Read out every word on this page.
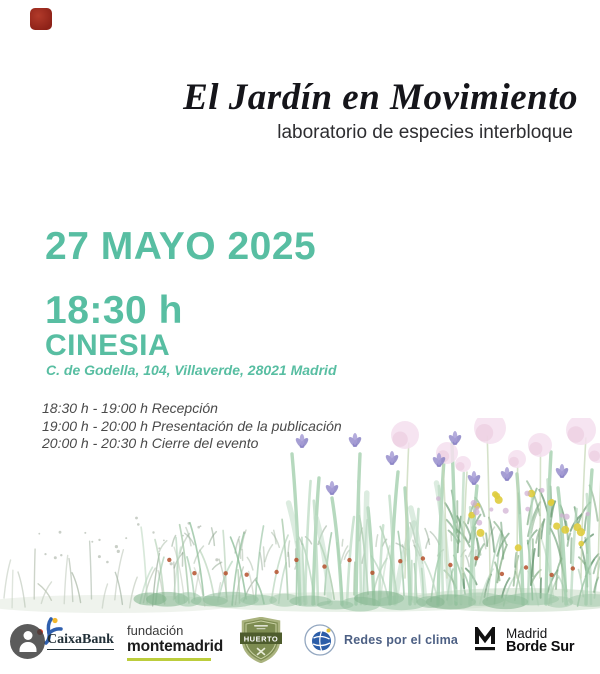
El Jardín en Movimiento
laboratorio de especies interbloque
27 MAYO 2025
18:30 h
CINESIA
C. de Godella, 104, Villaverde, 28021 Madrid
18:30 h - 19:00 h Recepción
19:00 h - 20:00 h Presentación de la publicación
20:00 h - 20:30 h Cierre del evento
CaixaBank
fundación
montemadrid	HUERTO	Redes por el clima	Madrid
Borde Sur
